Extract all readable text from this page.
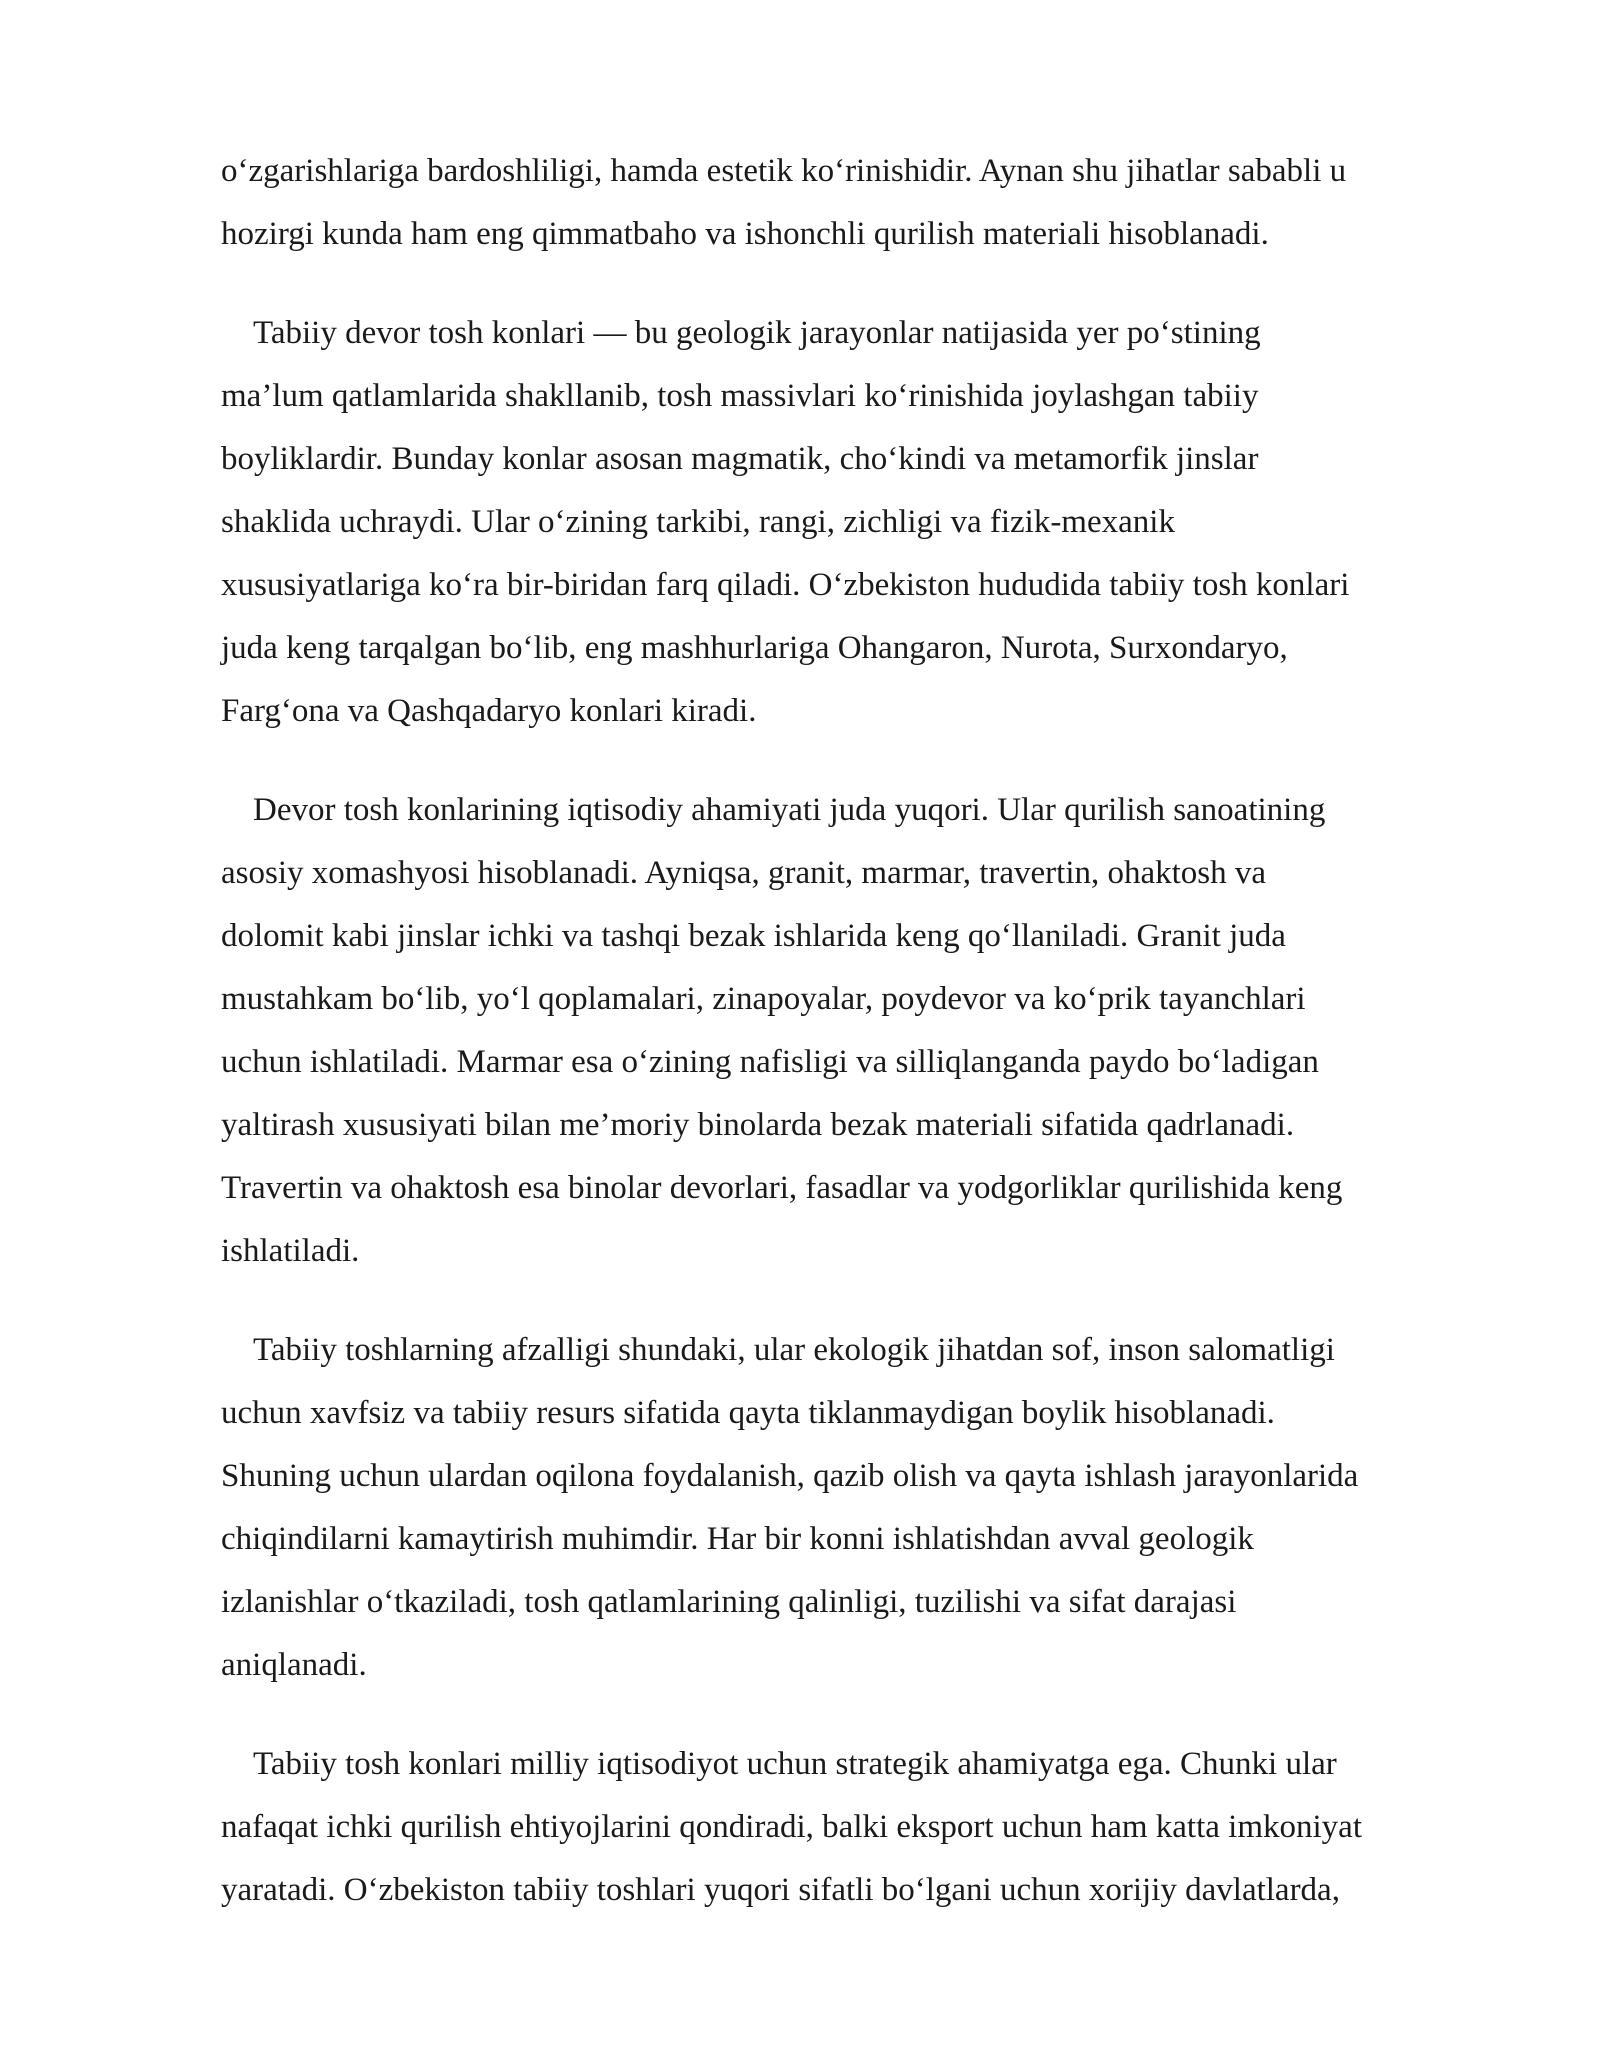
o‘zgarishlariga bardoshliligi, hamda estetik ko‘rinishidir. Aynan shu jihatlar sababli u
hozirgi kunda ham eng qimmatbaho va ishonchli qurilish materiali hisoblanadi.
Tabiiy devor tosh konlari — bu geologik jarayonlar natijasida yer po‘stining
ma’lum qatlamlarida shakllanib, tosh massivlari ko‘rinishida joylashgan tabiiy
boyliklardir. Bunday konlar asosan magmatik, cho‘kindi va metamorfik jinslar
shaklida uchraydi. Ular o‘zining tarkibi, rangi, zichligi va fizik-mexanik
xususiyatlariga ko‘ra bir-biridan farq qiladi. O‘zbekiston hududida tabiiy tosh konlari
juda keng tarqalgan bo‘lib, eng mashhurlariga Ohangaron, Nurota, Surxondaryo,
Farg‘ona va Qashqadaryo konlari kiradi.
Devor tosh konlarining iqtisodiy ahamiyati juda yuqori. Ular qurilish sanoatining
asosiy xomashyosi hisoblanadi. Ayniqsa, granit, marmar, travertin, ohaktosh va
dolomit kabi jinslar ichki va tashqi bezak ishlarida keng qo‘llaniladi. Granit juda
mustahkam bo‘lib, yo‘l qoplamalari, zinapoyalar, poydevor va ko‘prik tayanchlari
uchun ishlatiladi. Marmar esa o‘zining nafisligi va silliqlanganda paydo bo‘ladigan
yaltirash xususiyati bilan me’moriy binolarda bezak materiali sifatida qadrlanadi.
Travertin va ohaktosh esa binolar devorlari, fasadlar va yodgorliklar qurilishida keng
ishlatiladi.
Tabiiy toshlarning afzalligi shundaki, ular ekologik jihatdan sof, inson salomatligi
uchun xavfsiz va tabiiy resurs sifatida qayta tiklanmaydigan boylik hisoblanadi.
Shuning uchun ulardan oqilona foydalanish, qazib olish va qayta ishlash jarayonlarida
chiqindilarni kamaytirish muhimdir. Har bir konni ishlatishdan avval geologik
izlanishlar o‘tkaziladi, tosh qatlamlarining qalinligi, tuzilishi va sifat darajasi
aniqlanadi.
Tabiiy tosh konlari milliy iqtisodiyot uchun strategik ahamiyatga ega. Chunki ular
nafaqat ichki qurilish ehtiyojlarini qondiradi, balki eksport uchun ham katta imkoniyat
yaratadi. O‘zbekiston tabiiy toshlari yuqori sifatli bo‘lgani uchun xorijiy davlatlarda,
